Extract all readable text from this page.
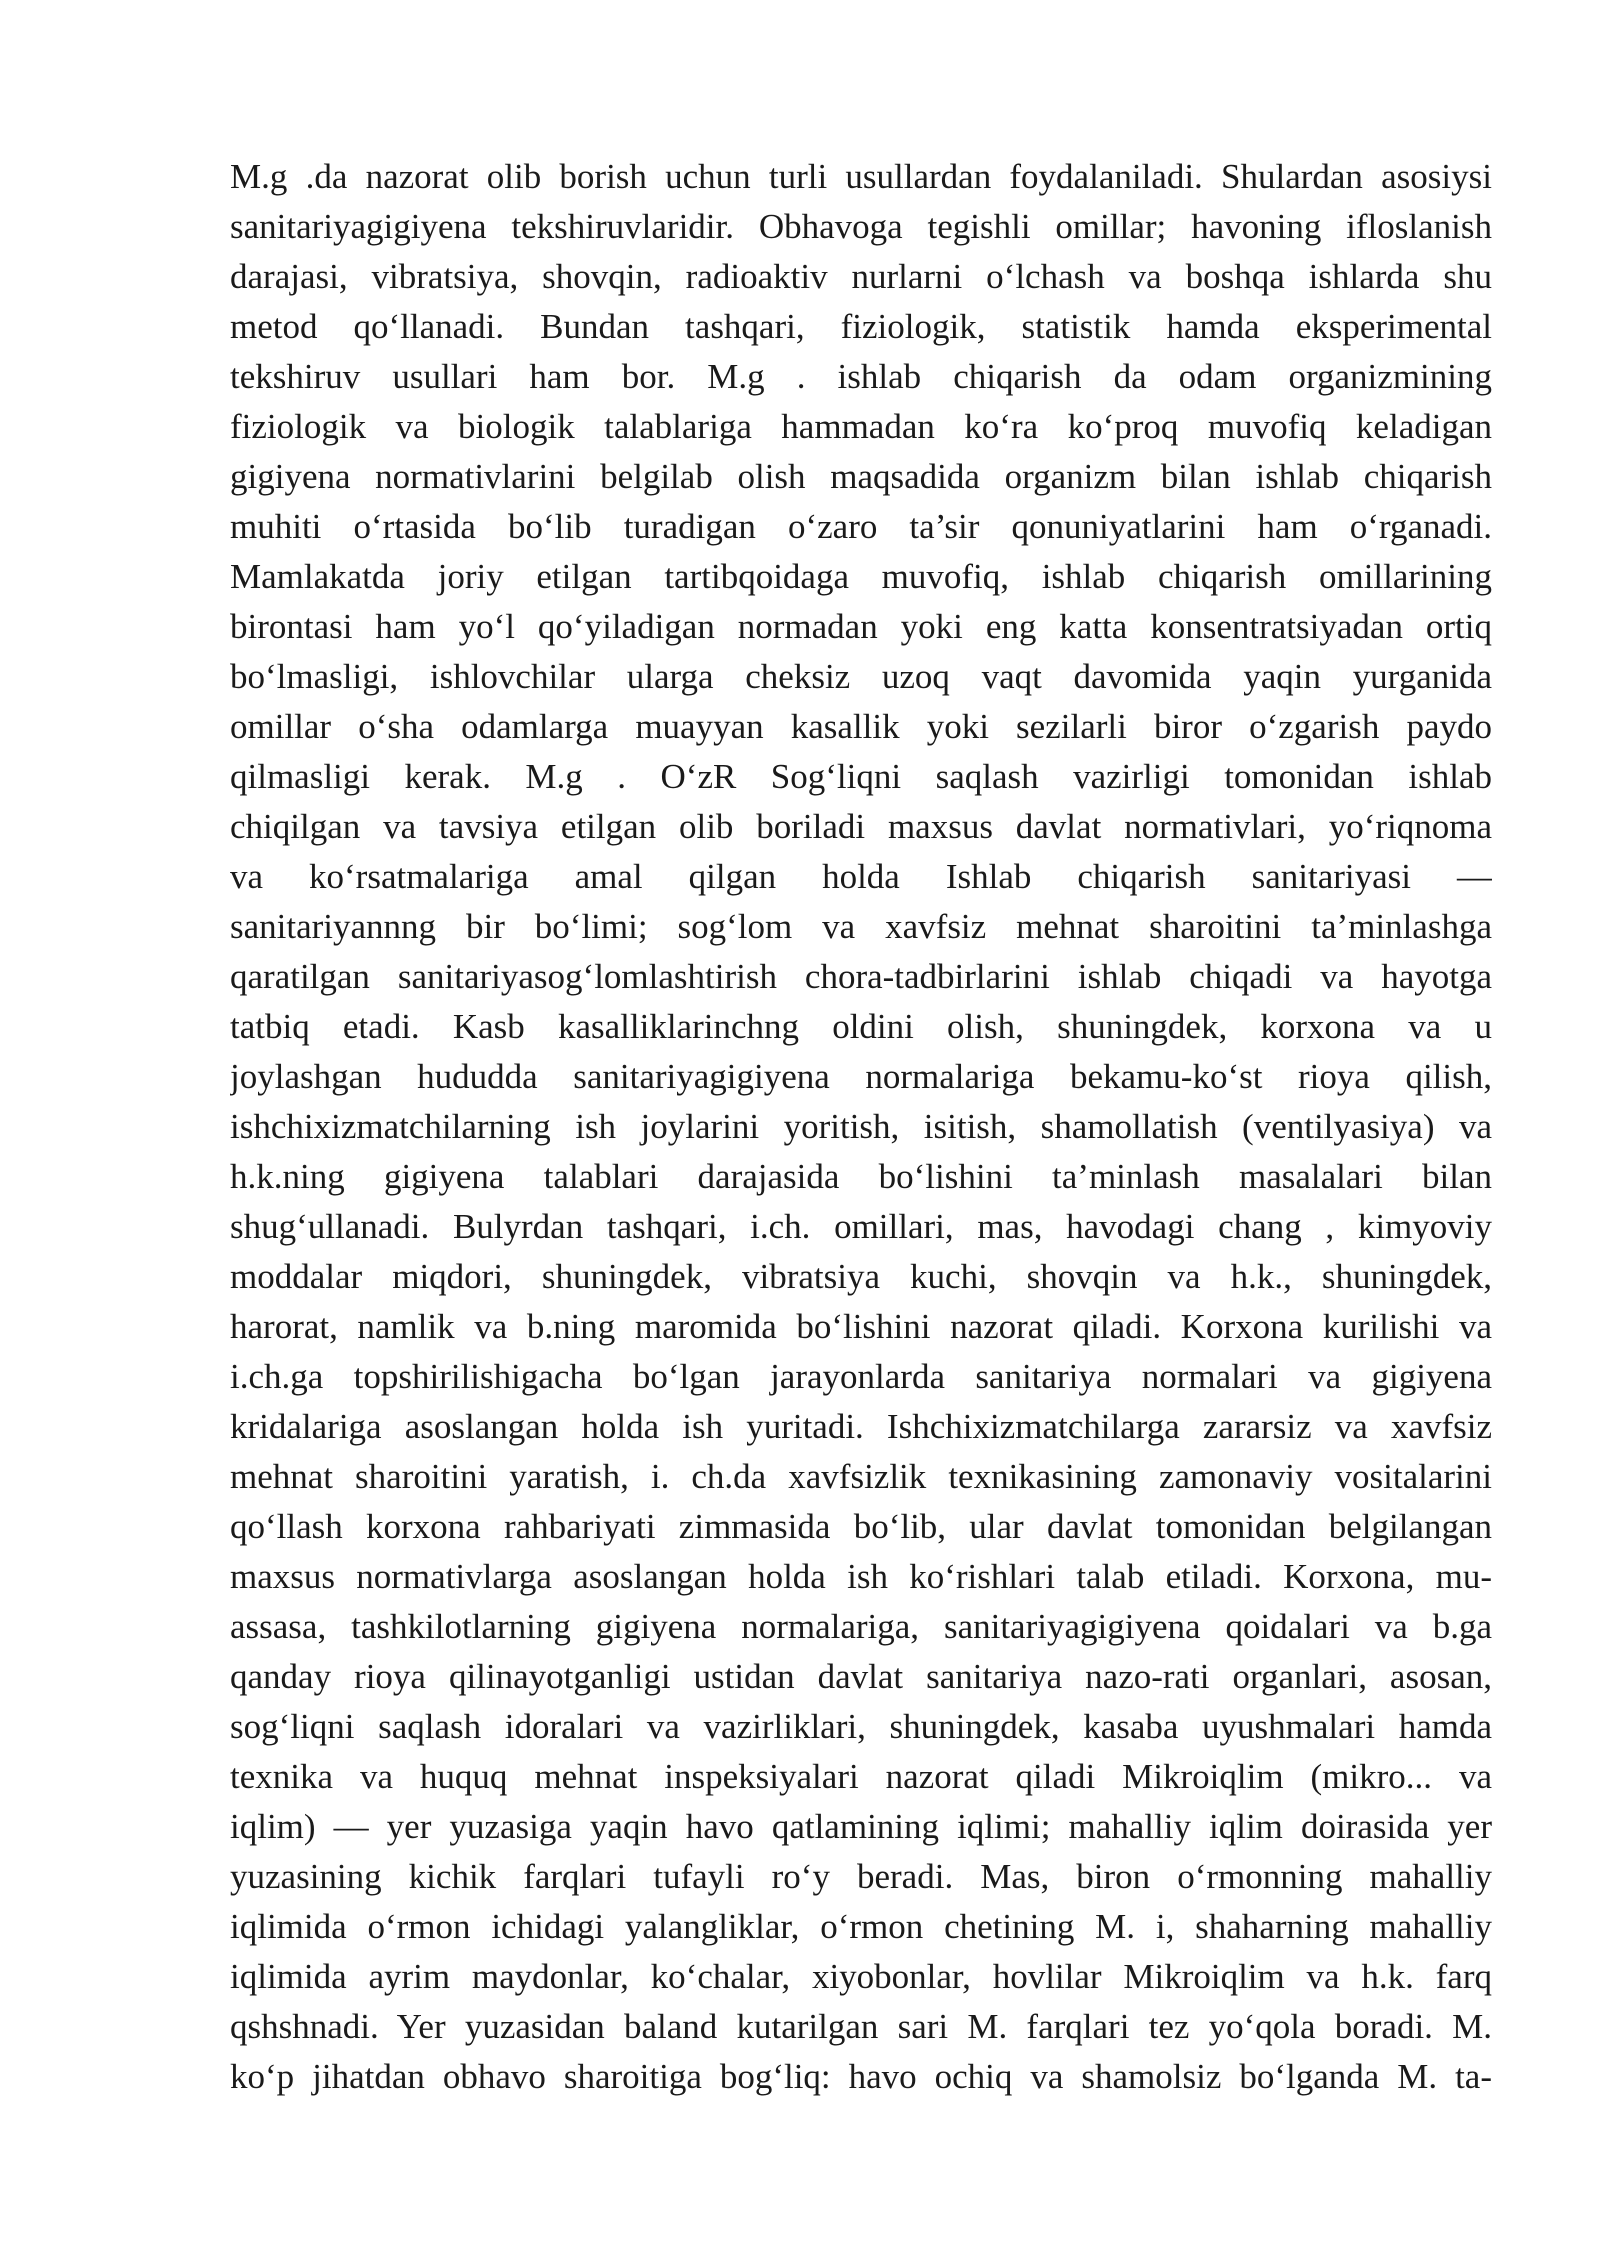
M.g .da nazorat olib borish uchun turli usullardan foydalaniladi. Shulardan asosiysi
sanitariyagigiyena tekshiruvlaridir. Obhavoga tegishli omillar; havoning ifloslanish
darajasi, vibratsiya, shovqin, radioaktiv nurlarni oʻlchash va boshqa ishlarda shu
metod qoʻllanadi. Bundan tashqari, fiziologik, statistik hamda eksperimental
tekshiruv usullari ham bor. M.g . ishlab chiqarish da odam organizmining
fiziologik va biologik talablariga hammadan koʻra koʻproq muvofiq keladigan
gigiyena normativlarini belgilab olish maqsadida organizm bilan ishlab chiqarish
muhiti oʻrtasida boʻlib turadigan oʻzaro ta’sir qonuniyatlarini ham oʻrganadi.
Mamlakatda joriy etilgan tartibqoidaga muvofiq, ishlab chiqarish omillarining
birontasi ham yoʻl qoʻyiladigan normadan yoki eng katta konsentratsiyadan ortiq
boʻlmasligi, ishlovchilar ularga cheksiz uzoq vaqt davomida yaqin yurganida
omillar oʻsha odamlarga muayyan kasallik yoki sezilarli biror oʻzgarish paydo
qilmasligi kerak. M.g . OʻzR Sogʻliqni saqlash vazirligi tomonidan ishlab
chiqilgan va tavsiya etilgan olib boriladi maxsus davlat normativlari, yoʻriqnoma
va koʻrsatmalariga amal qilgan holda Ishlab chiqarish sanitariyasi —
sanitariyannng bir boʻlimi; sogʻlom va xavfsiz mehnat sharoitini ta’minlashga
qaratilgan sanitariyasogʻlomlashtirish chora-tadbirlarini ishlab chiqadi va hayotga
tatbiq etadi. Kasb kasalliklarinchng oldini olish, shuningdek, korxona va u
joylashgan hududda sanitariyagigiyena normalariga bekamu-koʻst rioya qilish,
ishchixizmatchilarning ish joylarini yoritish, isitish, shamollatish (ventilyasiya) va
h.k.ning gigiyena talablari darajasida boʻlishini ta’minlash masalalari bilan
shugʻullanadi. Bulyrdan tashqari, i.ch. omillari, mas, havodagi chang , kimyoviy
moddalar miqdori, shuningdek, vibratsiya kuchi, shovqin va h.k., shuningdek,
harorat, namlik va b.ning maromida boʻlishini nazorat qiladi. Korxona kurilishi va
i.ch.ga topshirilishigacha boʻlgan jarayonlarda sanitariya normalari va gigiyena
kridalariga asoslangan holda ish yuritadi. Ishchixizmatchilarga zararsiz va xavfsiz
mehnat sharoitini yaratish, i. ch.da xavfsizlik texnikasining zamonaviy vositalarini
qoʻllash korxona rahbariyati zimmasida boʻlib, ular davlat tomonidan belgilangan
maxsus normativlarga asoslangan holda ish koʻrishlari talab etiladi. Korxona, mu-
assasa, tashkilotlarning gigiyena normalariga, sanitariyagigiyena qoidalari va b.ga
qanday rioya qilinayotganligi ustidan davlat sanitariya nazo-rati organlari, asosan,
sogʻliqni saqlash idoralari va vazirliklari, shuningdek, kasaba uyushmalari hamda
texnika va huquq mehnat inspeksiyalari nazorat qiladi Mikroiqlim (mikro... va
iqlim) — yer yuzasiga yaqin havo qatlamining iqlimi; mahalliy iqlim doirasida yer
yuzasining kichik farqlari tufayli roʻy beradi. Mas, biron oʻrmonning mahalliy
iqlimida oʻrmon ichidagi yalangliklar, oʻrmon chetining M. i, shaharning mahalliy
iqlimida ayrim maydonlar, koʻchalar, xiyobonlar, hovlilar Mikroiqlim va h.k. farq
qshshnadi. Yer yuzasidan baland kutarilgan sari M. farqlari tez yoʻqola boradi. M.
koʻp jihatdan obhavo sharoitiga bogʻliq: havo ochiq va shamolsiz boʻlganda M. ta-
